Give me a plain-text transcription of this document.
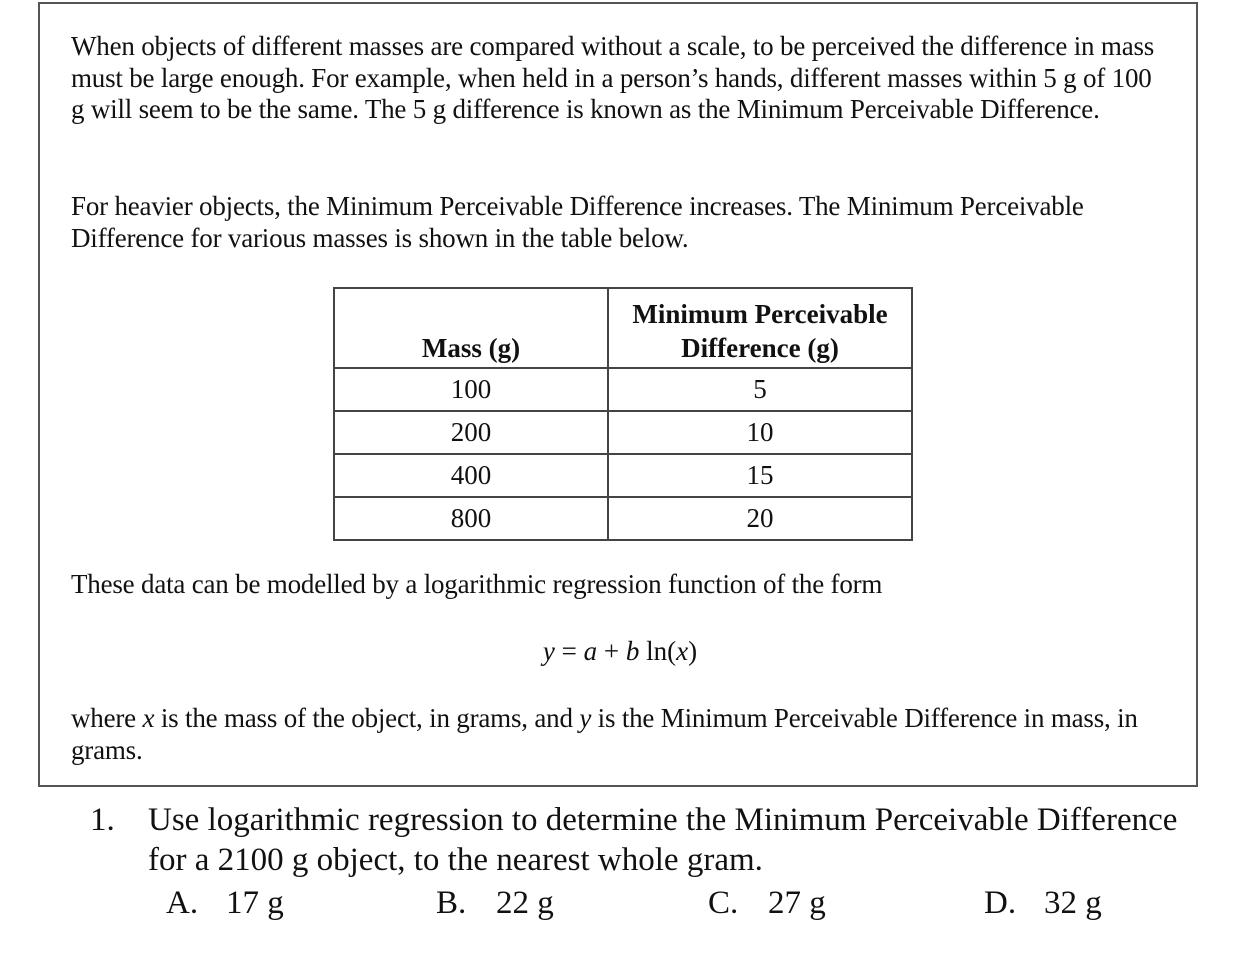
When objects of different masses are compared without a scale, to be perceived the difference in mass must be large enough. For example, when held in a person’s hands, different masses within 5 g of 100 g will seem to be the same. The 5 g difference is known as the Minimum Perceivable Difference.

For heavier objects, the Minimum Perceivable Difference increases. The Minimum Perceivable Difference for various masses is shown in the table below.

Mass (g)	Minimum Perceivable Difference (g)
100	5
200	10
400	15
800	20

These data can be modelled by a logarithmic regression function of the form

y = a + b ln(x)

where x is the mass of the object, in grams, and y is the Minimum Perceivable Difference in mass, in grams.

1. Use logarithmic regression to determine the Minimum Perceivable Difference for a 2100 g object, to the nearest whole gram.
A. 17 g	B. 22 g	C. 27 g	D. 32 g
